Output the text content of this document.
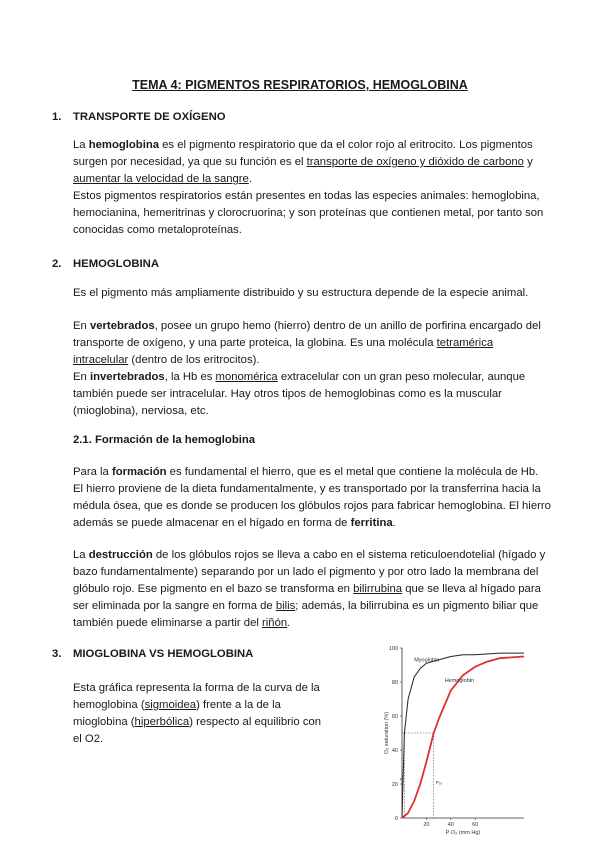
TEMA 4: PIGMENTOS RESPIRATORIOS, HEMOGLOBINA
1. TRANSPORTE DE OXÍGENO
La hemoglobina es el pigmento respiratorio que da el color rojo al eritrocito. Los pigmentos surgen por necesidad, ya que su función es el transporte de oxígeno y dióxido de carbono y aumentar la velocidad de la sangre.
Estos pigmentos respiratorios están presentes en todas las especies animales: hemoglobina, hemocianina, hemeritrinas y clorocruorina; y son proteínas que contienen metal, por tanto son conocidas como metaloproteínas.
2. HEMOGLOBINA
Es el pigmento más ampliamente distribuido y su estructura depende de la especie animal.
En vertebrados, posee un grupo hemo (hierro) dentro de un anillo de porfirina encargado del transporte de oxígeno, y una parte proteica, la globina. Es una molécula tetramérica intracelular (dentro de los eritrocitos).
En invertebrados, la Hb es monomérica extracelular con un gran peso molecular, aunque también puede ser intracelular. Hay otros tipos de hemoglobinas como es la muscular (mioglobina), nerviosa, etc.
2.1. Formación de la hemoglobina
Para la formación es fundamental el hierro, que es el metal que contiene la molécula de Hb. El hierro proviene de la dieta fundamentalmente, y es transportado por la transferrina hacia la médula ósea, que es donde se producen los glóbulos rojos para fabricar hemoglobina. El hierro además se puede almacenar en el hígado en forma de ferritina.
La destrucción de los glóbulos rojos se lleva a cabo en el sistema reticuloendotelial (hígado y bazo fundamentalmente) separando por un lado el pigmento y por otro lado la membrana del glóbulo rojo. Ese pigmento en el bazo se transforma en bilirrubina que se lleva al hígado para ser eliminada por la sangre en forma de bilis; además, la bilirrubina es un pigmento biliar que también puede eliminarse a partir del riñón.
3. MIOGLOBINA VS HEMOGLOBINA
Esta gráfica representa la forma de la curva de la hemoglobina (sigmoidea) frente a la de la mioglobina (hiperbólica) respecto al equilibrio con el O2.
0
20
40
60
80
100
20	40	60
P O₂ (mm Hg)
O₂ saturation (%)
Myoglobin
Hemoglobin
P₅₀
P₅₀
